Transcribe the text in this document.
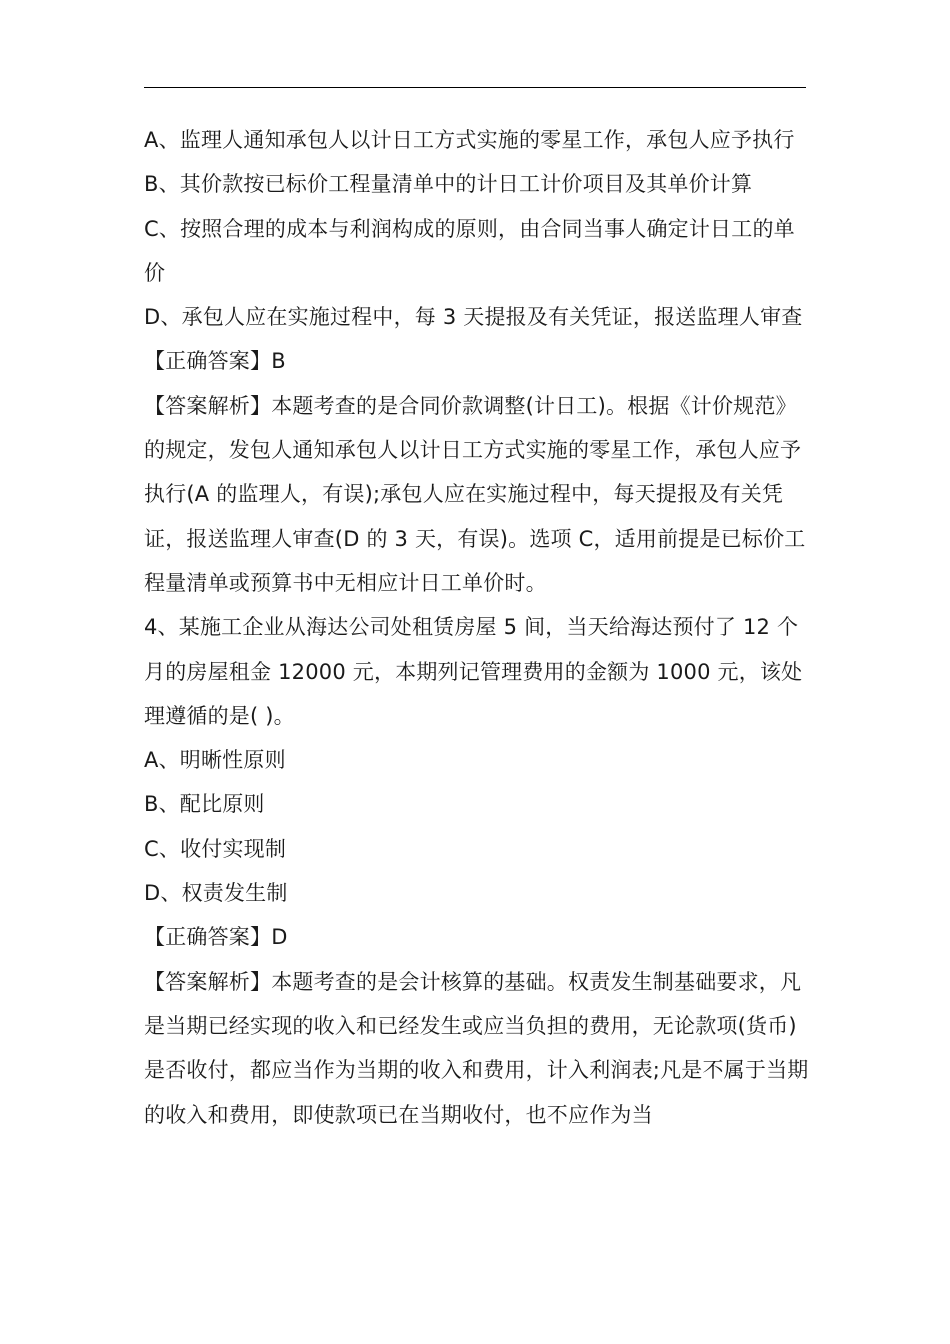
A、监理人通知承包人以计日工方式实施的零星工作，承包人应予执行

B、其价款按已标价工程量清单中的计日工计价项目及其单价计算

C、按照合理的成本与利润构成的原则，由合同当事人确定计日工的单价

D、承包人应在实施过程中，每 3 天提报及有关凭证，报送监理人审查

【正确答案】B

【答案解析】本题考查的是合同价款调整(计日工)。根据《计价规范》的规定，发包人通知承包人以计日工方式实施的零星工作，承包人应予执行(A 的监理人，有误);承包人应在实施过程中，每天提报及有关凭证，报送监理人审查(D 的 3 天，有误)。选项 C，适用前提是已标价工程量清单或预算书中无相应计日工单价时。

4、某施工企业从海达公司处租赁房屋 5 间，当天给海达预付了 12 个月的房屋租金 12000 元，本期列记管理费用的金额为 1000 元，该处理遵循的是( )。

A、明晰性原则

B、配比原则

C、收付实现制

D、权责发生制

【正确答案】D

【答案解析】本题考查的是会计核算的基础。权责发生制基础要求，凡是当期已经实现的收入和已经发生或应当负担的费用，无论款项(货币)是否收付，都应当作为当期的收入和费用，计入利润表;凡是不属于当期的收入和费用，即使款项已在当期收付，也不应作为当
